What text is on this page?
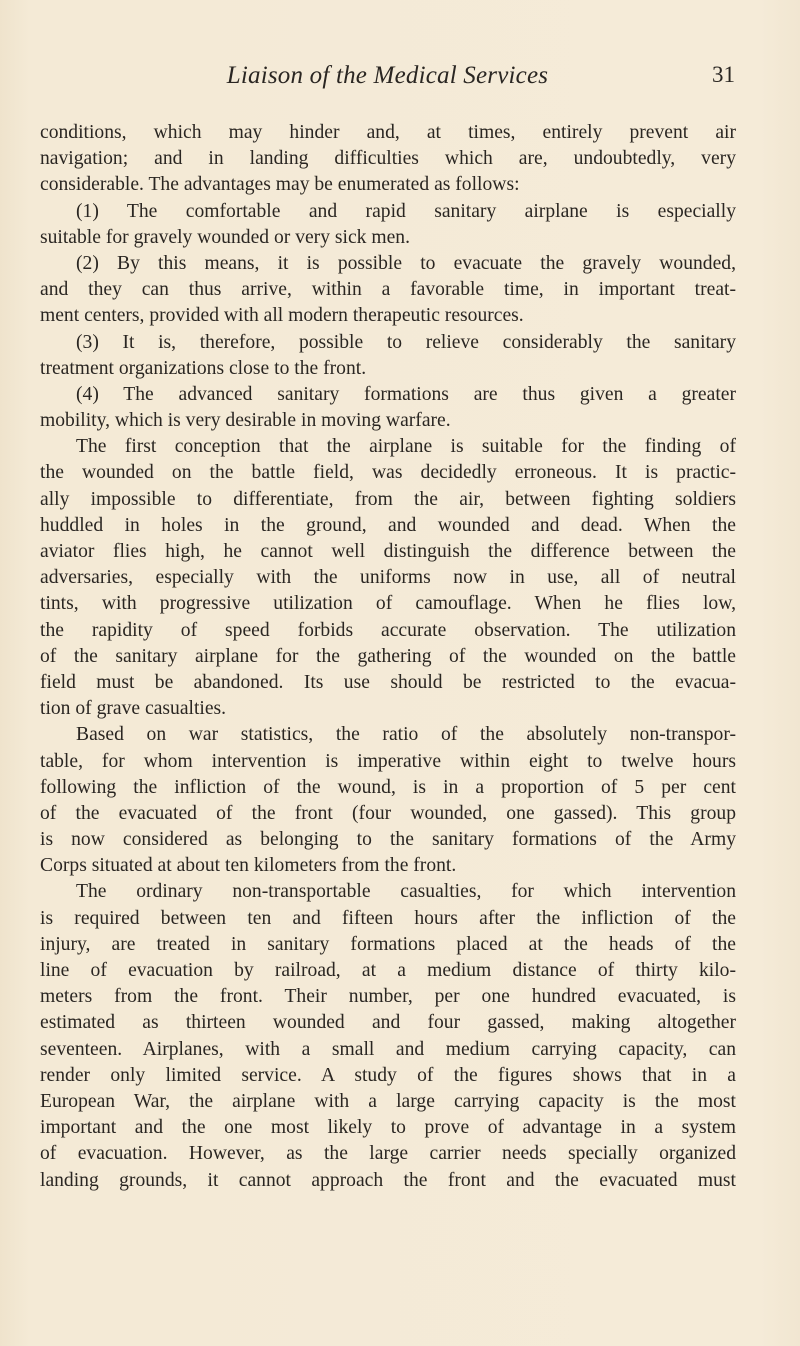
Liaison of the Medical Services	31
conditions, which may hinder and, at times, entirely prevent air
navigation; and in landing difficulties which are, undoubtedly, very
considerable. The advantages may be enumerated as follows:
(1) The comfortable and rapid sanitary airplane is especially
suitable for gravely wounded or very sick men.
(2) By this means, it is possible to evacuate the gravely wounded,
and they can thus arrive, within a favorable time, in important treat-
ment centers, provided with all modern therapeutic resources.
(3) It is, therefore, possible to relieve considerably the sanitary
treatment organizations close to the front.
(4) The advanced sanitary formations are thus given a greater
mobility, which is very desirable in moving warfare.
The first conception that the airplane is suitable for the finding of
the wounded on the battle field, was decidedly erroneous. It is practic-
ally impossible to differentiate, from the air, between fighting soldiers
huddled in holes in the ground, and wounded and dead. When the
aviator flies high, he cannot well distinguish the difference between the
adversaries, especially with the uniforms now in use, all of neutral
tints, with progressive utilization of camouflage. When he flies low,
the rapidity of speed forbids accurate observation. The utilization
of the sanitary airplane for the gathering of the wounded on the battle
field must be abandoned. Its use should be restricted to the evacua-
tion of grave casualties.
Based on war statistics, the ratio of the absolutely non-transpor-
table, for whom intervention is imperative within eight to twelve hours
following the infliction of the wound, is in a proportion of 5 per cent
of the evacuated of the front (four wounded, one gassed). This group
is now considered as belonging to the sanitary formations of the Army
Corps situated at about ten kilometers from the front.
The ordinary non-transportable casualties, for which intervention
is required between ten and fifteen hours after the infliction of the
injury, are treated in sanitary formations placed at the heads of the
line of evacuation by railroad, at a medium distance of thirty kilo-
meters from the front. Their number, per one hundred evacuated, is
estimated as thirteen wounded and four gassed, making altogether
seventeen. Airplanes, with a small and medium carrying capacity, can
render only limited service. A study of the figures shows that in a
European War, the airplane with a large carrying capacity is the most
important and the one most likely to prove of advantage in a system
of evacuation. However, as the large carrier needs specially organized
landing grounds, it cannot approach the front and the evacuated must
